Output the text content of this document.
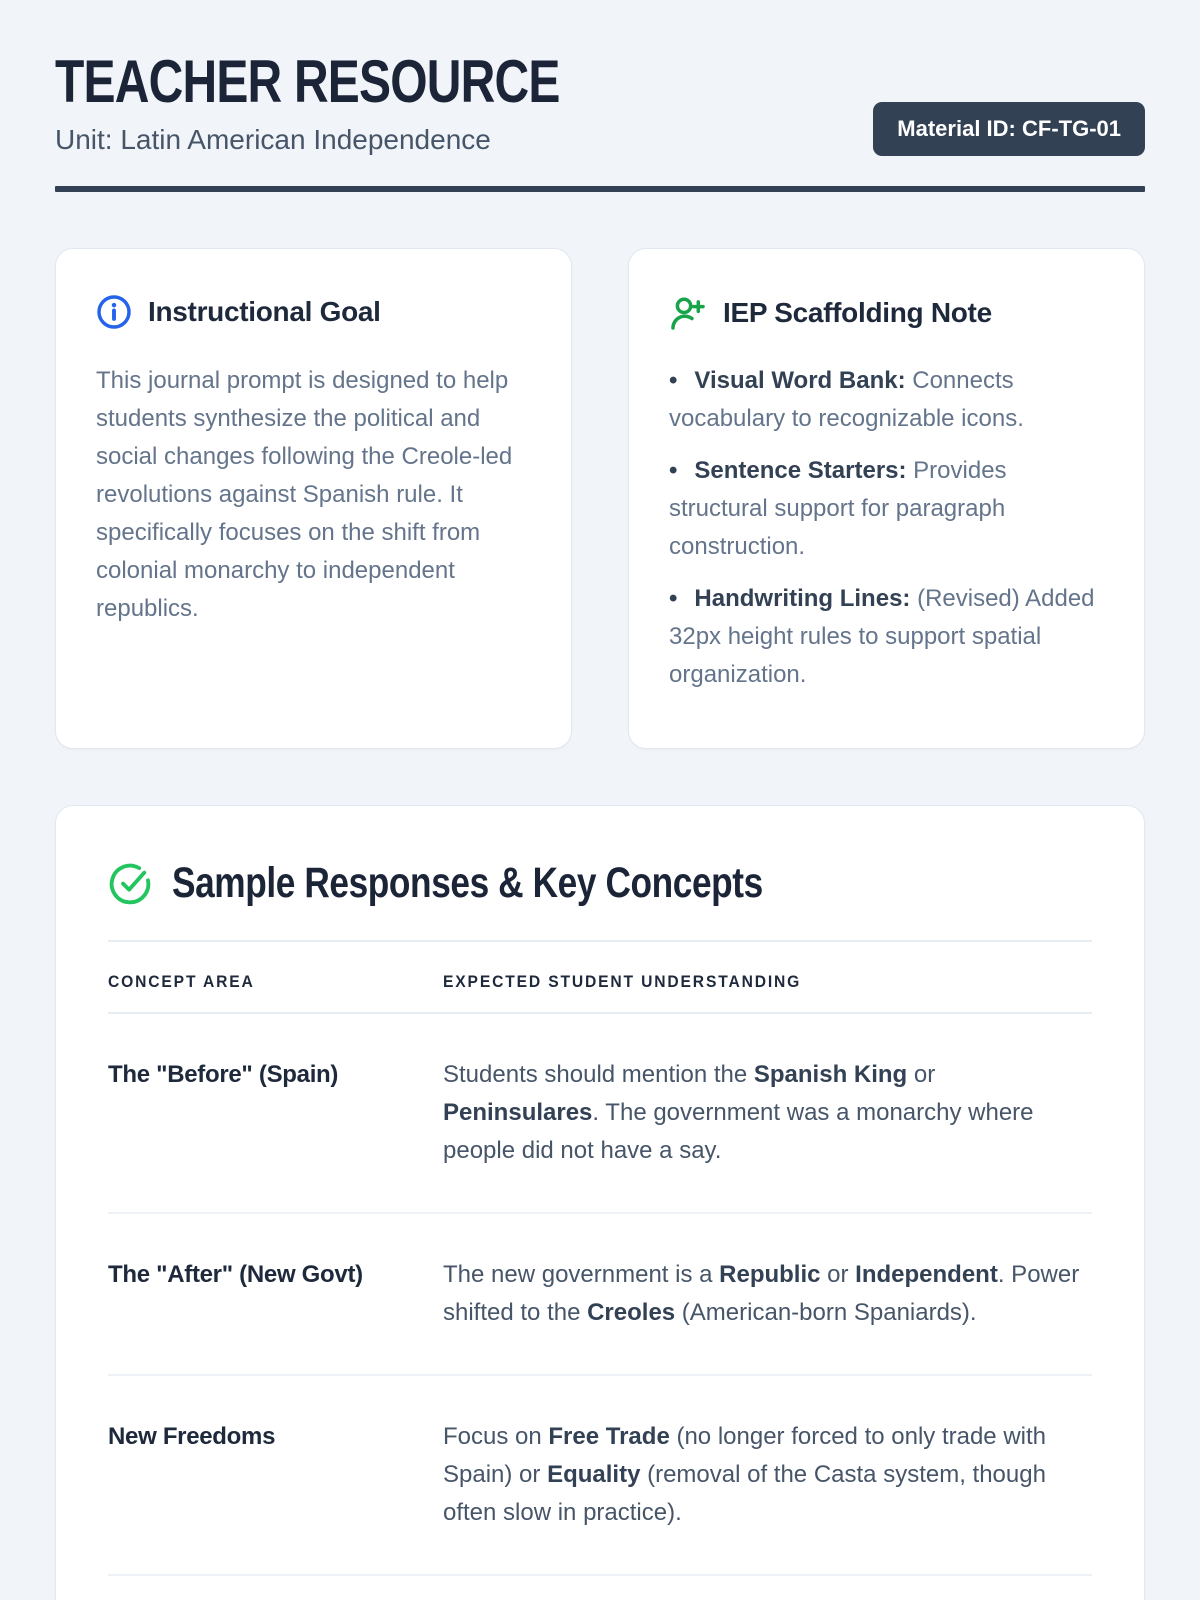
TEACHER RESOURCE
Unit: Latin American Independence	Material ID: CF-TG-01
Instructional Goal

This journal prompt is designed to help students synthesize the political and social changes following the Creole-led revolutions against Spanish rule. It specifically focuses on the shift from colonial monarchy to independent republics.

IEP Scaffolding Note
• Visual Word Bank: Connects vocabulary to recognizable icons.
• Sentence Starters: Provides structural support for paragraph construction.
• Handwriting Lines: (Revised) Added 32px height rules to support spatial organization.
Sample Responses & Key Concepts
CONCEPT AREA	EXPECTED STUDENT UNDERSTANDING
The "Before" (Spain)	Students should mention the Spanish King or Peninsulares. The government was a monarchy where people did not have a say.
The "After" (New Govt)	The new government is a Republic or Independent. Power shifted to the Creoles (American-born Spaniards).
New Freedoms	Focus on Free Trade (no longer forced to only trade with Spain) or Equality (removal of the Casta system, though often slow in practice).
